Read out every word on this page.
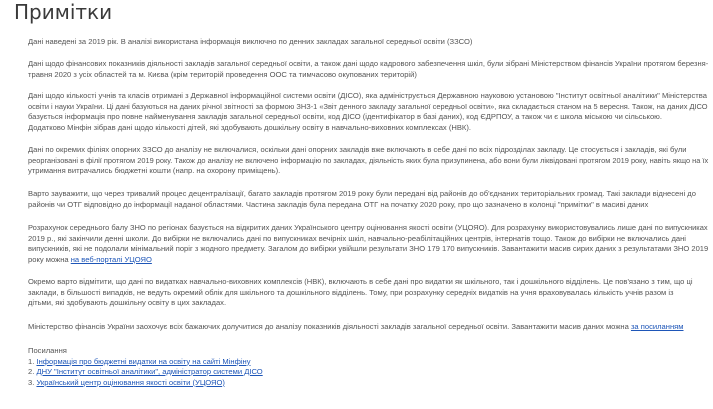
Примітки
Дані наведені за 2019 рік. В аналізі використана інформація виключно по денних закладах загальної середньої освіти (ЗЗСО)
Дані щодо фінансових показників діяльності закладів загальної середньої освіти, а також дані щодо кадрового забезпечення шкіл, були зібрані Міністерством фінансів України протягом березня-
травня 2020 з усіх областей та м. Києва (крім територій проведення ООС та тимчасово окупованих територій)
Дані щодо кількості учнів та класів отримані з Державної інформаційної системи освіти (ДІСО), яка адмініструється Державною науковою установою "Інститут освітньої аналітики" Міністерства
освіти і науки України. Ці дані базуються на даних річної звітності за формою ЗНЗ-1 «Звіт денного закладу загальної середньої освіти», яка складається станом на 5 вересня. Також, на даних ДІСО
базується інформація про повне найменування закладів загальної середньої освіти, код ДІСО (ідентифікатор в базі даних), код ЄДРПОУ, а також чи є школа міською чи сільською.
Додатково Мінфін зібрав дані щодо кількості дітей, які здобувають дошкільну освіту в навчально-виховних комплексах (НВК).
Дані по окремих філіях опорних ЗЗСО до аналізу не включалися, оскільки дані опорних закладів вже включають в себе дані по всіх підрозділах закладу. Це стосується і закладів, які були
реорганізовані в філії протягом 2019 року. Також до аналізу не включено інформацію по закладах, діяльність яких була призупинена, або вони були ліквідовані протягом 2019 року, навіть якщо на їх
утримання витрачались бюджетні кошти (напр. на охорону приміщень).
Варто зауважити, що через тривалий процес децентралізації, багато закладів протягом 2019 року були передані від районів до об'єднаних територіальних громад. Такі заклади віднесені до
районів чи ОТГ відповідно до інформації наданої областями. Частина закладів була передана ОТГ на початку 2020 року, про що зазначено в колонці "примітки" в масиві даних
Розрахунок середнього балу ЗНО по регіонах базується на відкритих даних Українського центру оцінювання якості освіти (УЦОЯО). Для розрахунку використовувались лише дані по випускниках
2019 р., які закінчили денні школи. До вибірки не включались дані по випускниках вечірніх шкіл, навчально-реабілітаційних центрів, інтернатів тощо. Також до вибірки не включались дані
випускників, які не подолали мінімальний поріг з жодного предмету. Загалом до вибірки увійшли результати ЗНО 179 170 випускників. Завантажити масив сирих даних з результатами ЗНО 2019
року можна на веб-порталі УЦОЯО
Окремо варто відмітити, що дані по видатках навчально-виховних комплексів (НВК), включають в себе дані про видатки як шкільного, так і дошкільного відділень. Це пов'язано з тим, що ці
заклади, в більшості випадків, не ведуть окремий облік для шкільного та дошкільного відділень. Тому, при розрахунку середніх видатків на учня враховувалась кількість учнів разом із
дітьми, які здобувають дошкільну освіту в цих закладах.
Міністерство фінансів України заохочує всіх бажаючих долучитися до аналізу показників діяльності закладів загальної середньої освіти. Завантажити масив даних можна за посиланням
Посилання
1. Інформація про бюджетні видатки на освіту на сайті Мінфіну
2. ДНУ "Інститут освітньої аналітики", адміністратор системи ДІСО
3. Український центр оцінювання якості освіти (УЦОЯО)
